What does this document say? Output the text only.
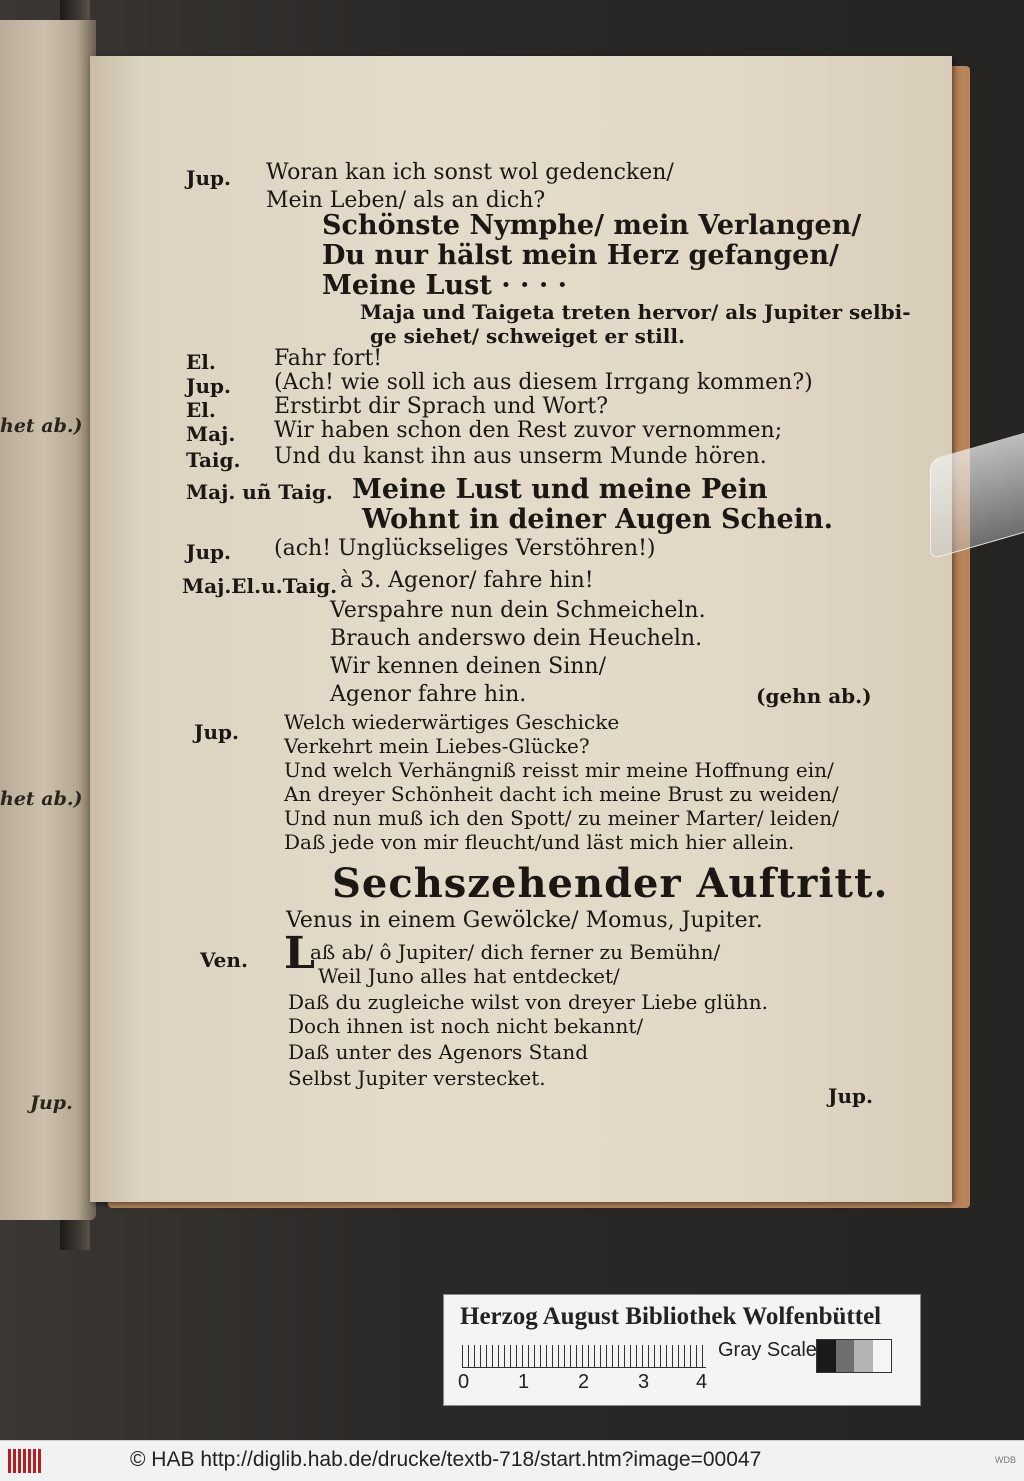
het ab.)
het ab.)
Jup.
Jup. Woran kan ich sonst wol gedencken/
Mein Leben/ als an dich?
Schönste Nymphe/ mein Verlangen/
Du nur hälst mein Herz gefangen/
Meine Lust · · · ·
Maja und Taigeta treten hervor/ als Jupiter selbi-
ge siehet/ schweiget er still.
El.	Fahr fort!
Jup. (Ach! wie soll ich aus diesem Irrgang kommen?)
El.	Erstirbt dir Sprach und Wort?
Maj. Wir haben schon den Rest zuvor vernommen;
Taig. Und du kanst ihn aus unserm Munde hören.
Maj. uñ Taig. Meine Lust und meine Pein
Wohnt in deiner Augen Schein.
Jup. (ach! Unglückseliges Verstöhren!)
Maj.El.u.Taig. à 3. Agenor/ fahre hin!
Verspahre nun dein Schmeicheln.
Brauch anderswo dein Heucheln.
Wir kennen deinen Sinn/
Agenor fahre hin.	(gehn ab.)
Jup. Welch wiederwärtiges Geschicke
Verkehrt mein Liebes-Glücke?
Und welch Verhängniß reisst mir meine Hoffnung ein/
An dreyer Schönheit dacht ich meine Brust zu weiden/
Und nun muß ich den Spott/ zu meiner Marter/ leiden/
Daß jede von mir fleucht/und läst mich hier allein.
Sechszehender Auftritt.
Venus in einem Gewölcke/ Momus, Jupiter.
Ven. L
aß ab/ ô Jupiter/ dich ferner zu Bemühn/
Weil Juno alles hat entdecket/
Daß du zugleiche wilst von dreyer Liebe glühn.
Doch ihnen ist noch nicht bekannt/
Daß unter des Agenors Stand
Selbst Jupiter verstecket.
Jup.
Herzog August Bibliothek Wolfenbüttel
0 1 2 3 4
Gray Scale
© HAB http://diglib.hab.de/drucke/textb-718/start.htm?image=00047	WDB
